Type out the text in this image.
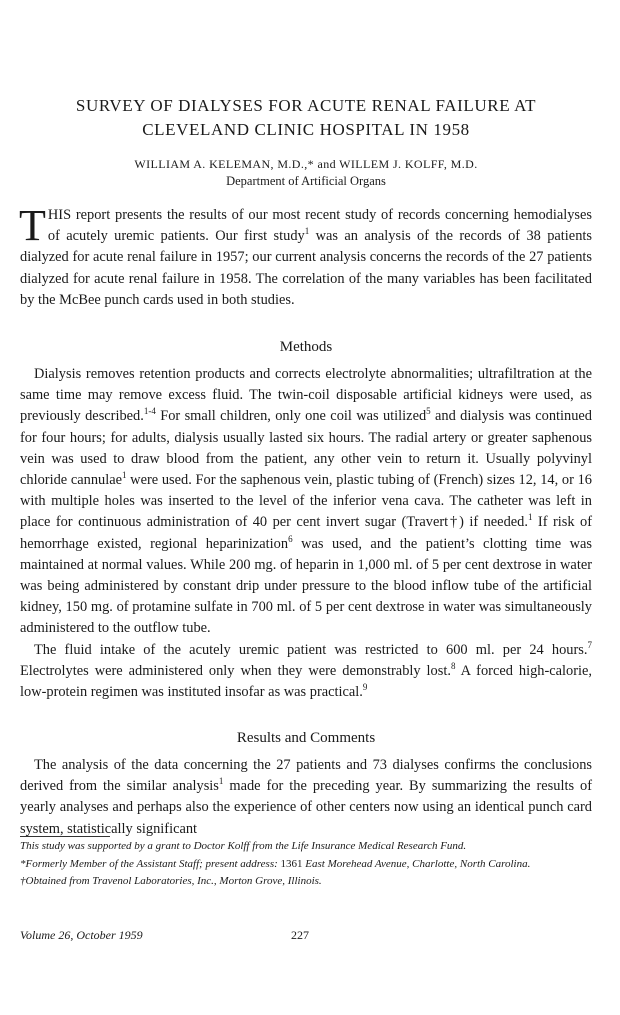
SURVEY OF DIALYSES FOR ACUTE RENAL FAILURE AT
CLEVELAND CLINIC HOSPITAL IN 1958
WILLIAM A. KELEMAN, M.D.,* and WILLEM J. KOLFF, M.D.
Department of Artificial Organs

THIS report presents the results of our most recent study of records concerning hemodialyses of acutely uremic patients. Our first study$^1$ was an analysis of the records of 38 patients dialyzed for acute renal failure in 1957; our current analysis concerns the records of the 27 patients dialyzed for acute renal failure in 1958. The correlation of the many variables has been facilitated by the McBee punch cards used in both studies.

Methods

Dialysis removes retention products and corrects electrolyte abnormalities; ultrafiltration at the same time may remove excess fluid. The twin-coil disposable artificial kidneys were used, as previously described.$^{1-4}$ For small children, only one coil was utilized$^5$ and dialysis was continued for four hours; for adults, dialysis usually lasted six hours. The radial artery or greater saphenous vein was used to draw blood from the patient, any other vein to return it. Usually polyvinyl chloride cannulae$^1$ were used. For the saphenous vein, plastic tubing of (French) sizes 12, 14, or 16 with multiple holes was inserted to the level of the inferior vena cava. The catheter was left in place for continuous administration of 40 per cent invert sugar (Travert†) if needed.$^1$ If risk of hemorrhage existed, regional heparinization$^6$ was used, and the patient’s clotting time was maintained at normal values. While 200 mg. of heparin in 1,000 ml. of 5 per cent dextrose in water was being administered by constant drip under pressure to the blood inflow tube of the artificial kidney, 150 mg. of protamine sulfate in 700 ml. of 5 per cent dextrose in water was simultaneously administered to the outflow tube.

The fluid intake of the acutely uremic patient was restricted to 600 ml. per 24 hours.$^7$ Electrolytes were administered only when they were demonstrably lost.$^8$ A forced high-calorie, low-protein regimen was instituted insofar as was practical.$^9$

Results and Comments

The analysis of the data concerning the 27 patients and 73 dialyses confirms the conclusions derived from the similar analysis$^1$ made for the preceding year. By summarizing the results of yearly analyses and perhaps also the experience of other centers now using an identical punch card system, statistically significant

This study was supported by a grant to Doctor Kolff from the Life Insurance Medical Research Fund.

*Formerly Member of the Assistant Staff; present address: 1361 East Morehead Avenue, Charlotte, North Carolina.

†Obtained from Travenol Laboratories, Inc., Morton Grove, Illinois.

Volume 26, October 1959	227
